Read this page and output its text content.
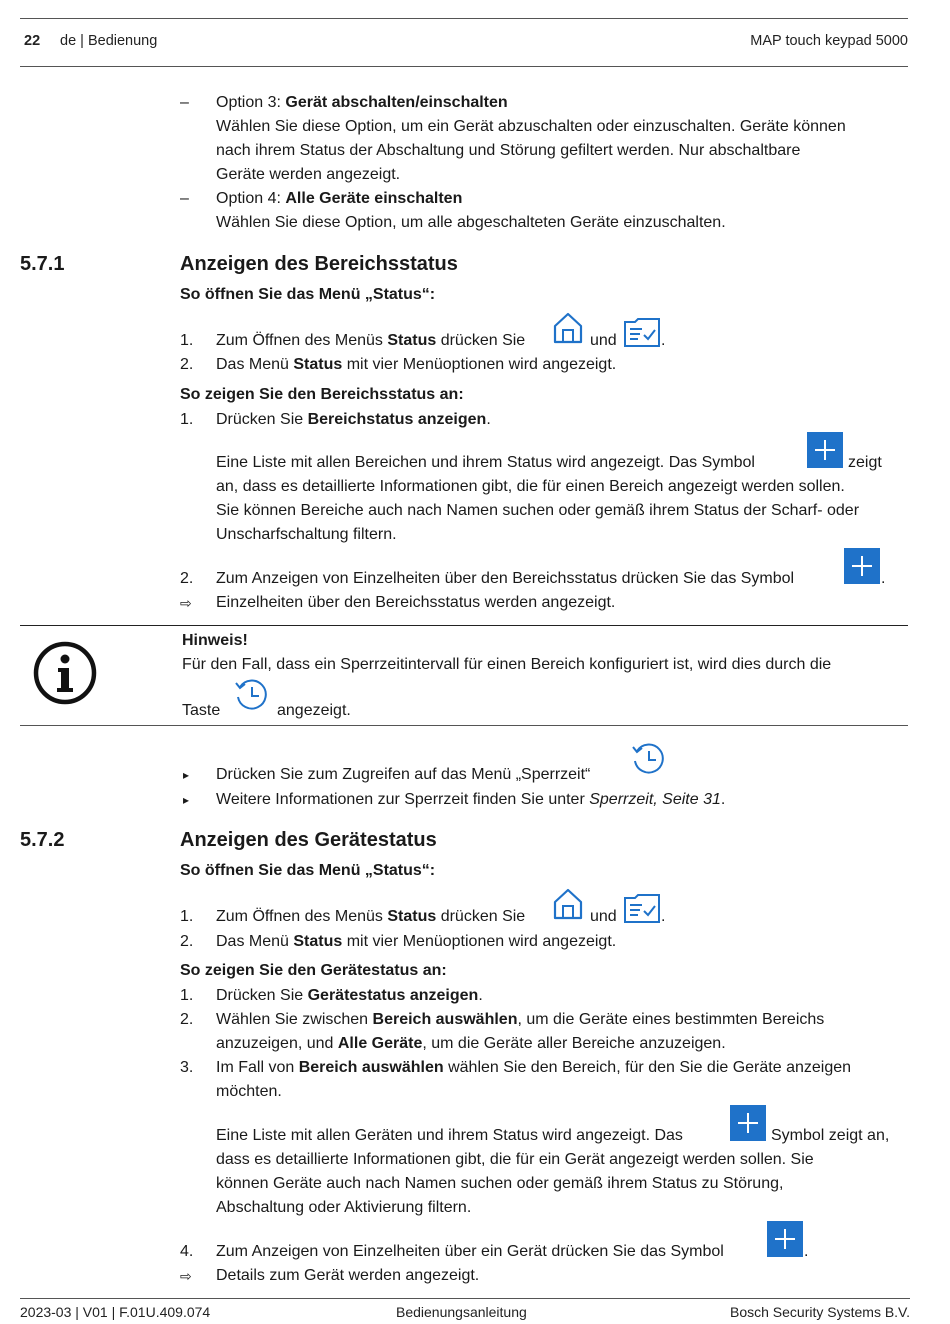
22 de | Bedienung	MAP touch keypad 5000
– Option 3: Gerät abschalten/einschalten
Wählen Sie diese Option, um ein Gerät abzuschalten oder einzuschalten. Geräte können
nach ihrem Status der Abschaltung und Störung gefiltert werden. Nur abschaltbare
Geräte werden angezeigt.
– Option 4: Alle Geräte einschalten
Wählen Sie diese Option, um alle abgeschalteten Geräte einzuschalten.
5.7.1	Anzeigen des Bereichsstatus
So öffnen Sie das Menü „Status“:
1. Zum Öffnen des Menüs Status drücken Sie	und	.
2. Das Menü Status mit vier Menüoptionen wird angezeigt.
So zeigen Sie den Bereichsstatus an:
1. Drücken Sie Bereichstatus anzeigen.
Eine Liste mit allen Bereichen und ihrem Status wird angezeigt. Das Symbol	zeigt
an, dass es detaillierte Informationen gibt, die für einen Bereich angezeigt werden sollen.
Sie können Bereiche auch nach Namen suchen oder gemäß ihrem Status der Scharf- oder
Unscharfschaltung filtern.
2. Zum Anzeigen von Einzelheiten über den Bereichsstatus drücken Sie das Symbol	.
⇨ Einzelheiten über den Bereichsstatus werden angezeigt.
Hinweis!
Für den Fall, dass ein Sperrzeitintervall für einen Bereich konfiguriert ist, wird dies durch die
Taste	angezeigt.
▸ Drücken Sie zum Zugreifen auf das Menü „Sperrzeit“
▸ Weitere Informationen zur Sperrzeit finden Sie unter Sperrzeit, Seite 31.
5.7.2	Anzeigen des Gerätestatus
So öffnen Sie das Menü „Status“:
1. Zum Öffnen des Menüs Status drücken Sie	und	.
2. Das Menü Status mit vier Menüoptionen wird angezeigt.
So zeigen Sie den Gerätestatus an:
1. Drücken Sie Gerätestatus anzeigen.
2. Wählen Sie zwischen Bereich auswählen, um die Geräte eines bestimmten Bereichs
anzuzeigen, und Alle Geräte, um die Geräte aller Bereiche anzuzeigen.
3. Im Fall von Bereich auswählen wählen Sie den Bereich, für den Sie die Geräte anzeigen
möchten.
Eine Liste mit allen Geräten und ihrem Status wird angezeigt. Das	Symbol zeigt an,
dass es detaillierte Informationen gibt, die für ein Gerät angezeigt werden sollen. Sie
können Geräte auch nach Namen suchen oder gemäß ihrem Status zu Störung,
Abschaltung oder Aktivierung filtern.
4. Zum Anzeigen von Einzelheiten über ein Gerät drücken Sie das Symbol	.
⇨ Details zum Gerät werden angezeigt.
2023-03 | V01 | F.01U.409.074	Bedienungsanleitung	Bosch Security Systems B.V.
